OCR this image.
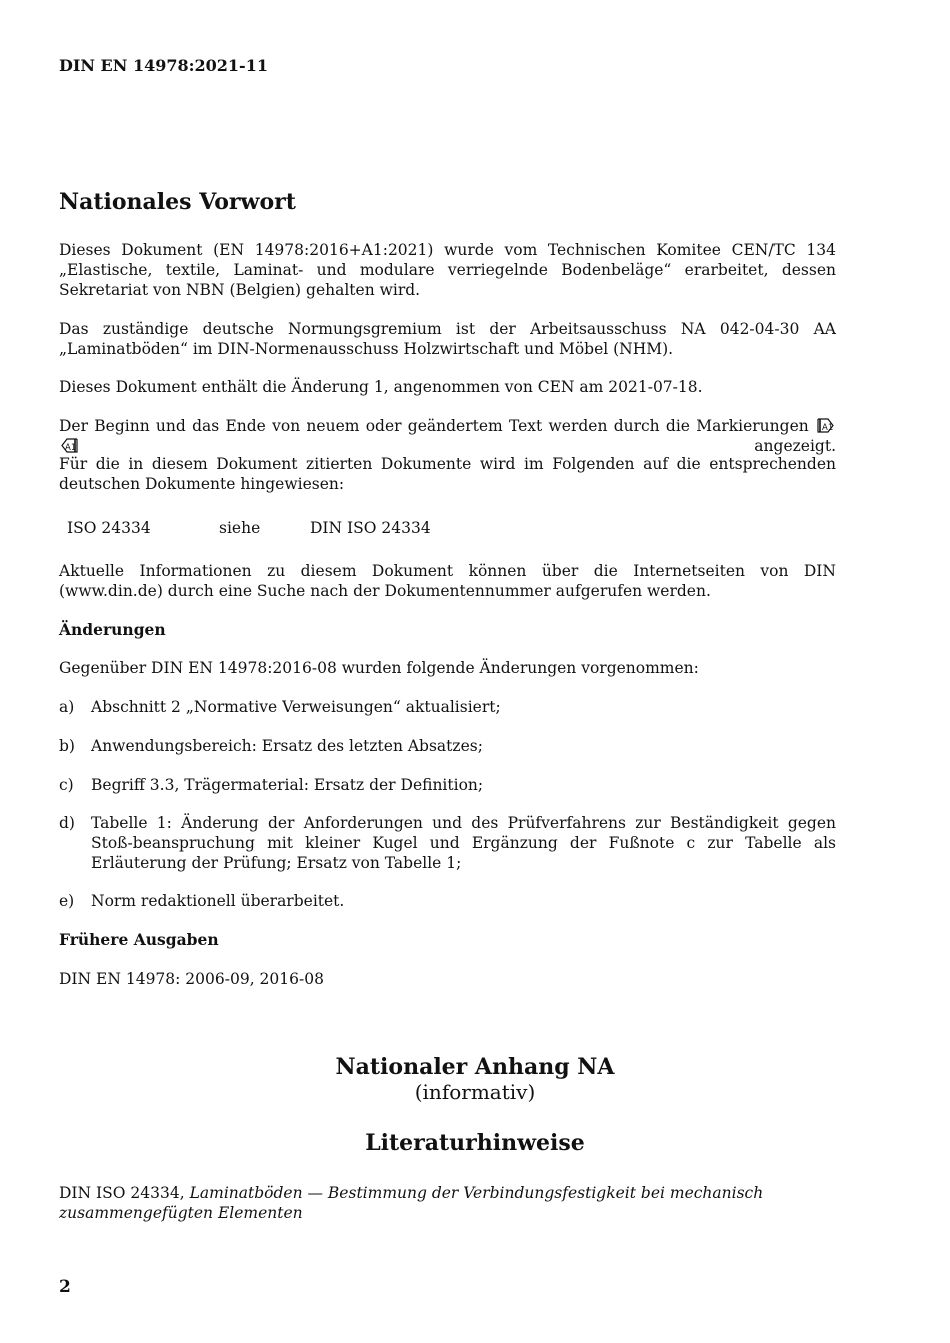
DIN EN 14978:2021-11
Nationales Vorwort

Dieses Dokument (EN 14978:2016+A1:2021) wurde vom Technischen Komitee CEN/TC 134 „Elastische, textile, Laminat- und modulare verriegelnde Bodenbeläge“ erarbeitet, dessen Sekretariat von NBN (Belgien) gehalten wird.

Das zuständige deutsche Normungsgremium ist der Arbeitsausschuss NA 042-04-30 AA „Laminatböden“ im DIN-Normenausschuss Holzwirtschaft und Möbel (NHM).

Dieses Dokument enthält die Änderung 1, angenommen von CEN am 2021-07-18.

Der Beginn und das Ende von neuem oder geändertem Text werden durch die Markierungen A1

A1	angezeigt.

Für die in diesem Dokument zitierten Dokumente wird im Folgenden auf die entsprechenden deutschen Dokumente hingewiesen:

ISO 24334	siehe	DIN ISO 24334

Aktuelle Informationen zu diesem Dokument können über die Internetseiten von DIN (www.din.de) durch eine Suche nach der Dokumentennummer aufgerufen werden.

Änderungen
Gegenüber DIN EN 14978:2016-08 wurden folgende Änderungen vorgenommen:
a) Abschnitt 2 „Normative Verweisungen“ aktualisiert;

b) Anwendungsbereich: Ersatz des letzten Absatzes;

c) Begriff 3.3, Trägermaterial: Ersatz der Definition;

d) Tabelle 1: Änderung der Anforderungen und des Prüfverfahrens zur Beständigkeit gegen Stoß-beanspruchung mit kleiner Kugel und Ergänzung der Fußnote c zur Tabelle als Erläuterung der Prüfung; Ersatz von Tabelle 1;

e) Norm redaktionell überarbeitet.

Frühere Ausgaben
DIN EN 14978: 2006-09, 2016-08
Nationaler Anhang NA
(informativ)
Literaturhinweise

DIN ISO 24334, Laminatböden — Bestimmung der Verbindungsfestigkeit bei mechanisch zusammengefügten Elementen

2
